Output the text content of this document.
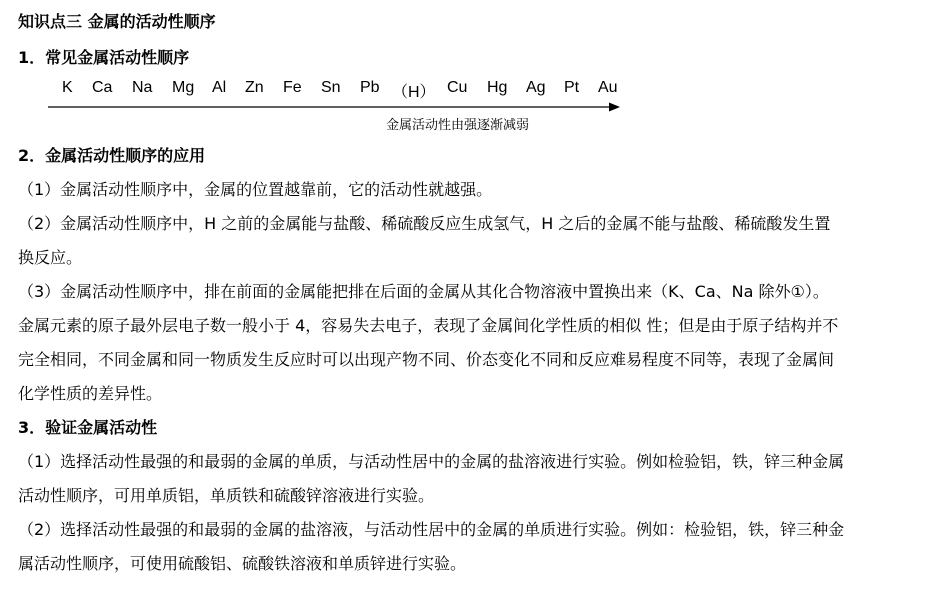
知识点三 金属的活动性顺序
1．常见金属活动性顺序
K Ca Na Mg Al Zn Fe Sn Pb （H） Cu Hg Ag Pt Au
金属活动性由强逐渐减弱
2．金属活动性顺序的应用
（1）金属活动性顺序中，金属的位置越靠前，它的活动性就越强。
（2）金属活动性顺序中，H 之前的金属能与盐酸、稀硫酸反应生成氢气，H 之后的金属不能与盐酸、稀硫酸发生置
换反应。
（3）金属活动性顺序中，排在前面的金属能把排在后面的金属从其化合物溶液中置换出来（K、Ca、Na 除外①）。
金属元素的原子最外层电子数一般小于 4，容易失去电子，表现了金属间化学性质的相似 性；但是由于原子结构并不
完全相同，不同金属和同一物质发生反应时可以出现产物不同、价态变化不同和反应难易程度不同等，表现了金属间
化学性质的差异性。
3．验证金属活动性
（1）选择活动性最强的和最弱的金属的单质，与活动性居中的金属的盐溶液进行实验。例如检验铝，铁，锌三种金属
活动性顺序，可用单质铝，单质铁和硫酸锌溶液进行实验。
（2）选择活动性最强的和最弱的金属的盐溶液，与活动性居中的金属的单质进行实验。例如：检验铝，铁，锌三种金
属活动性顺序，可使用硫酸铝、硫酸铁溶液和单质锌进行实验。
